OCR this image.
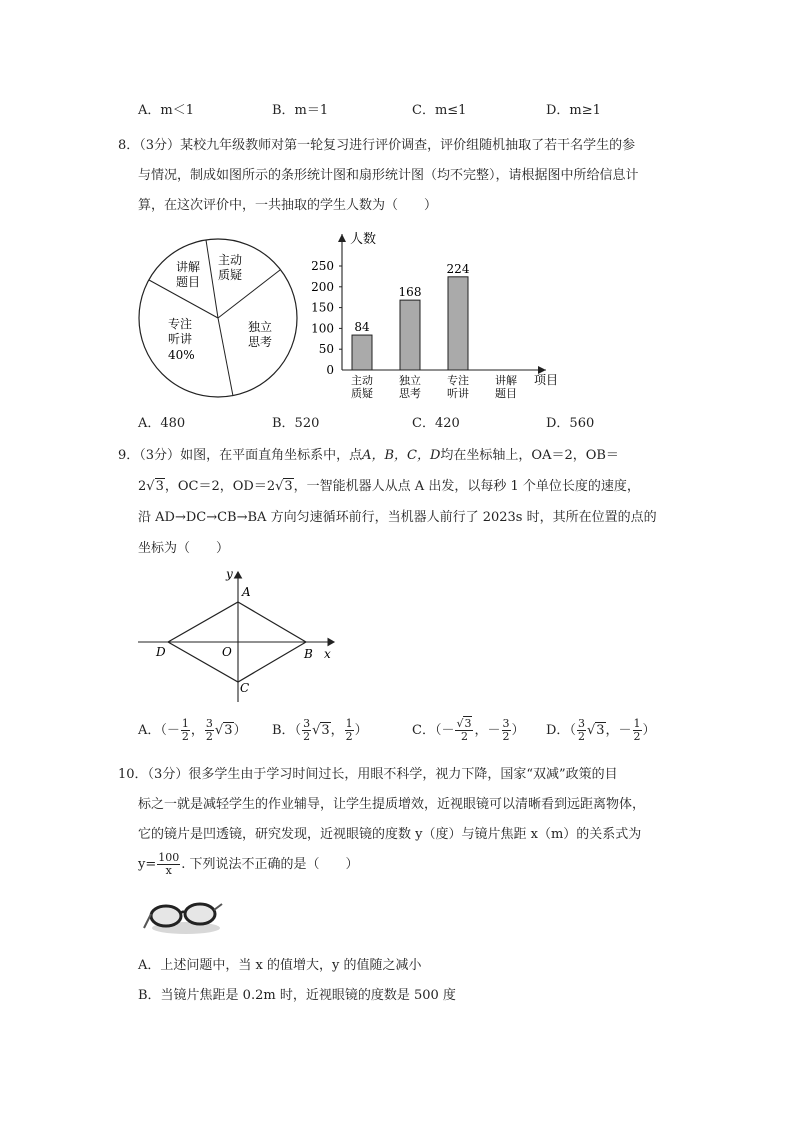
A．m＜1	B．m＝1	C．m≤1	D．m≥1
8．（3分）某校九年级教师对第一轮复习进行评价调查，评价组随机抽取了若干名学生的参
与情况，制成如图所示的条形统计图和扇形统计图（均不完整），请根据图中所给信息计
算，在这次评价中，一共抽取的学生人数为（　　）
讲解
题目
主动
质疑
专注
听讲
40%
独立
思考
人数
项目
0
50
100
150
200
250
84
主动
质疑
168
独立
思考
224
专注
听讲
讲解
题目
A．480	B．520	C．420	D．560
9．（3分）如图，在平面直角坐标系中，点A，B，C，D均在坐标轴上，OA＝2，OB＝
2√3，OC＝2，OD＝2√3，一智能机器人从点 A 出发，以每秒 1 个单位长度的速度，
沿 AD→DC→CB→BA 方向匀速循环前行，当机器人前行了 2023s 时，其所在位置的点的
坐标为（　　）
y
A
D	O	B x
C
A．（－ $\frac{1}{2}$ ， $\frac{3}{2} √3$） B．（ $\frac{3}{2} √3$， $\frac{1}{2}$ ）	C．（－ $\frac{√3}{2}$ ，－ $\frac{3}{2}$ ） D．（ $\frac{3}{2} √3$，－ $\frac{1}{2}$ ）
10．（3分）很多学生由于学习时间过长，用眼不科学，视力下降，国家“双减”政策的目
标之一就是减轻学生的作业辅导，让学生提质增效，近视眼镜可以清晰看到远距离物体，
它的镜片是凹透镜，研究发现，近视眼镜的度数 y（度）与镜片焦距 x（m）的关系式为
$y= \frac{100}{x}$ . 下列说法不正确的是（　　）
A．上述问题中，当 x 的值增大，y 的值随之减小
B．当镜片焦距是 0.2m 时，近视眼镜的度数是 500 度
